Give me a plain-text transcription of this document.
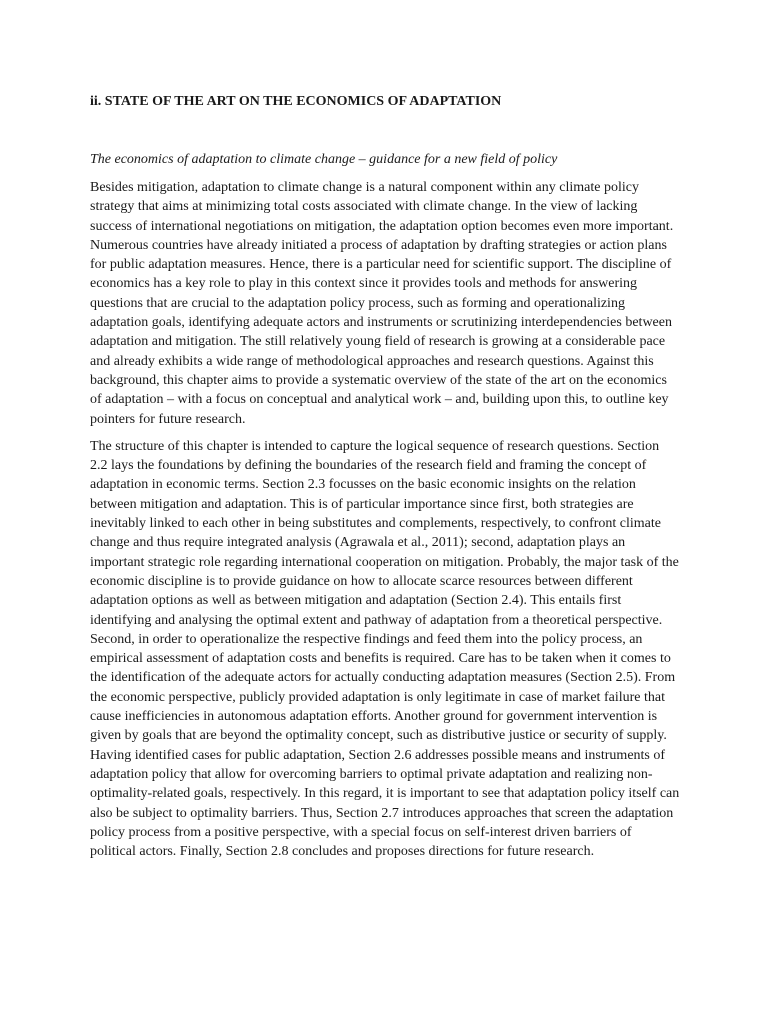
ii. STATE OF THE ART ON THE ECONOMICS OF ADAPTATION
The economics of adaptation to climate change – guidance for a new field of policy

Besides mitigation, adaptation to climate change is a natural component within any climate policy strategy that aims at minimizing total costs associated with climate change. In the view of lacking success of international negotiations on mitigation, the adaptation option becomes even more important. Numerous countries have already initiated a process of adaptation by drafting strategies or action plans for public adaptation measures. Hence, there is a particular need for scientific support. The discipline of economics has a key role to play in this context since it provides tools and methods for answering questions that are crucial to the adaptation policy process, such as forming and operationalizing adaptation goals, identifying adequate actors and instruments or scrutinizing interdependencies between adaptation and mitigation. The still relatively young field of research is growing at a considerable pace and already exhibits a wide range of methodological approaches and research questions. Against this background, this chapter aims to provide a systematic overview of the state of the art on the economics of adaptation – with a focus on conceptual and analytical work – and, building upon this, to outline key pointers for future research.

The structure of this chapter is intended to capture the logical sequence of research questions. Section 2.2 lays the foundations by defining the boundaries of the research field and framing the concept of adaptation in economic terms. Section 2.3 focusses on the basic economic insights on the relation between mitigation and adaptation. This is of particular importance since first, both strategies are inevitably linked to each other in being substitutes and complements, respectively, to confront climate change and thus require integrated analysis (Agrawala et al., 2011); second, adaptation plays an important strategic role regarding international cooperation on mitigation. Probably, the major task of the economic discipline is to provide guidance on how to allocate scarce resources between different adaptation options as well as between mitigation and adaptation (Section 2.4). This entails first identifying and analysing the optimal extent and pathway of adaptation from a theoretical perspective. Second, in order to operationalize the respective findings and feed them into the policy process, an empirical assessment of adaptation costs and benefits is required. Care has to be taken when it comes to the identification of the adequate actors for actually conducting adaptation measures (Section 2.5). From the economic perspective, publicly provided adaptation is only legitimate in case of market failure that cause inefficiencies in autonomous adaptation efforts. Another ground for government intervention is given by goals that are beyond the optimality concept, such as distributive justice or security of supply. Having identified cases for public adaptation, Section 2.6 addresses possible means and instruments of adaptation policy that allow for overcoming barriers to optimal private adaptation and realizing non-optimality-related goals, respectively. In this regard, it is important to see that adaptation policy itself can also be subject to optimality barriers. Thus, Section 2.7 introduces approaches that screen the adaptation policy process from a positive perspective, with a special focus on self-interest driven barriers of political actors. Finally, Section 2.8 concludes and proposes directions for future research.
